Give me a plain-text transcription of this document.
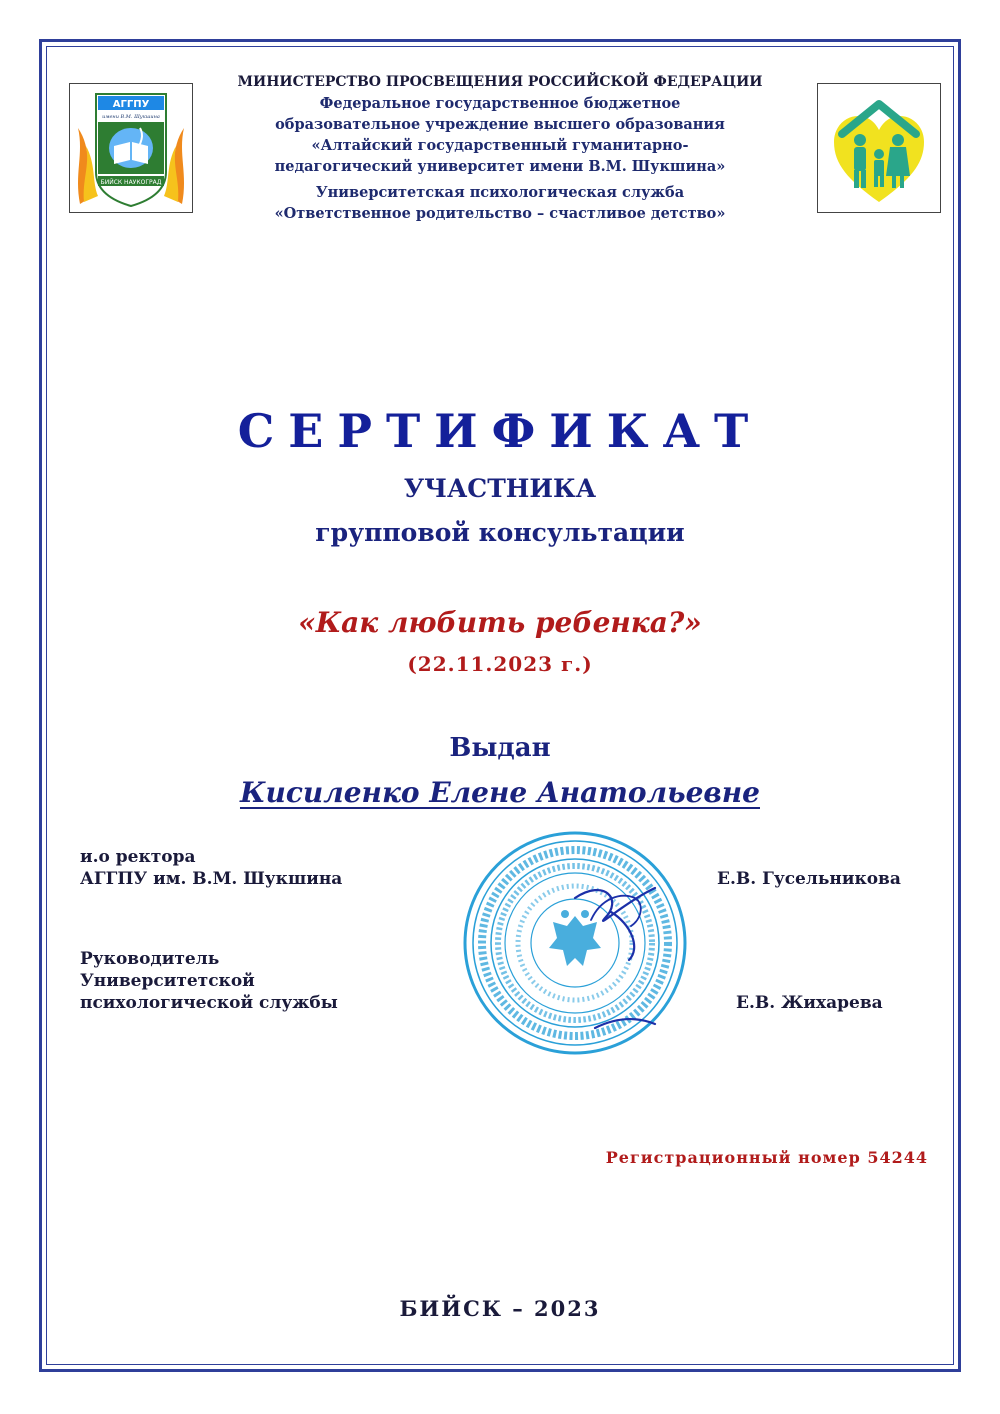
АГГПУ
имени В.М. Шукшина
БИЙСК НАУКОГРАД
МИНИСТЕРСТВО ПРОСВЕЩЕНИЯ РОССИЙСКОЙ ФЕДЕРАЦИИ
Федеральное государственное бюджетное
образовательное учреждение высшего образования
«Алтайский государственный гуманитарно-
педагогический университет имени В.М. Шукшина»
Университетская психологическая служба
«Ответственное родительство – счастливое детство»
СЕРТИФИКАТ
УЧАСТНИКА
групповой консультации
«Как любить ребенка?»
(22.11.2023 г.)
Выдан
Кисиленко Елене Анатольевне
и.о ректора
АГГПУ им. В.М. Шукшина	Е.В. Гусельникова
Руководитель
Университетской
психологической службы	Е.В. Жихарева
Регистрационный номер 54244
БИЙСК – 2023
